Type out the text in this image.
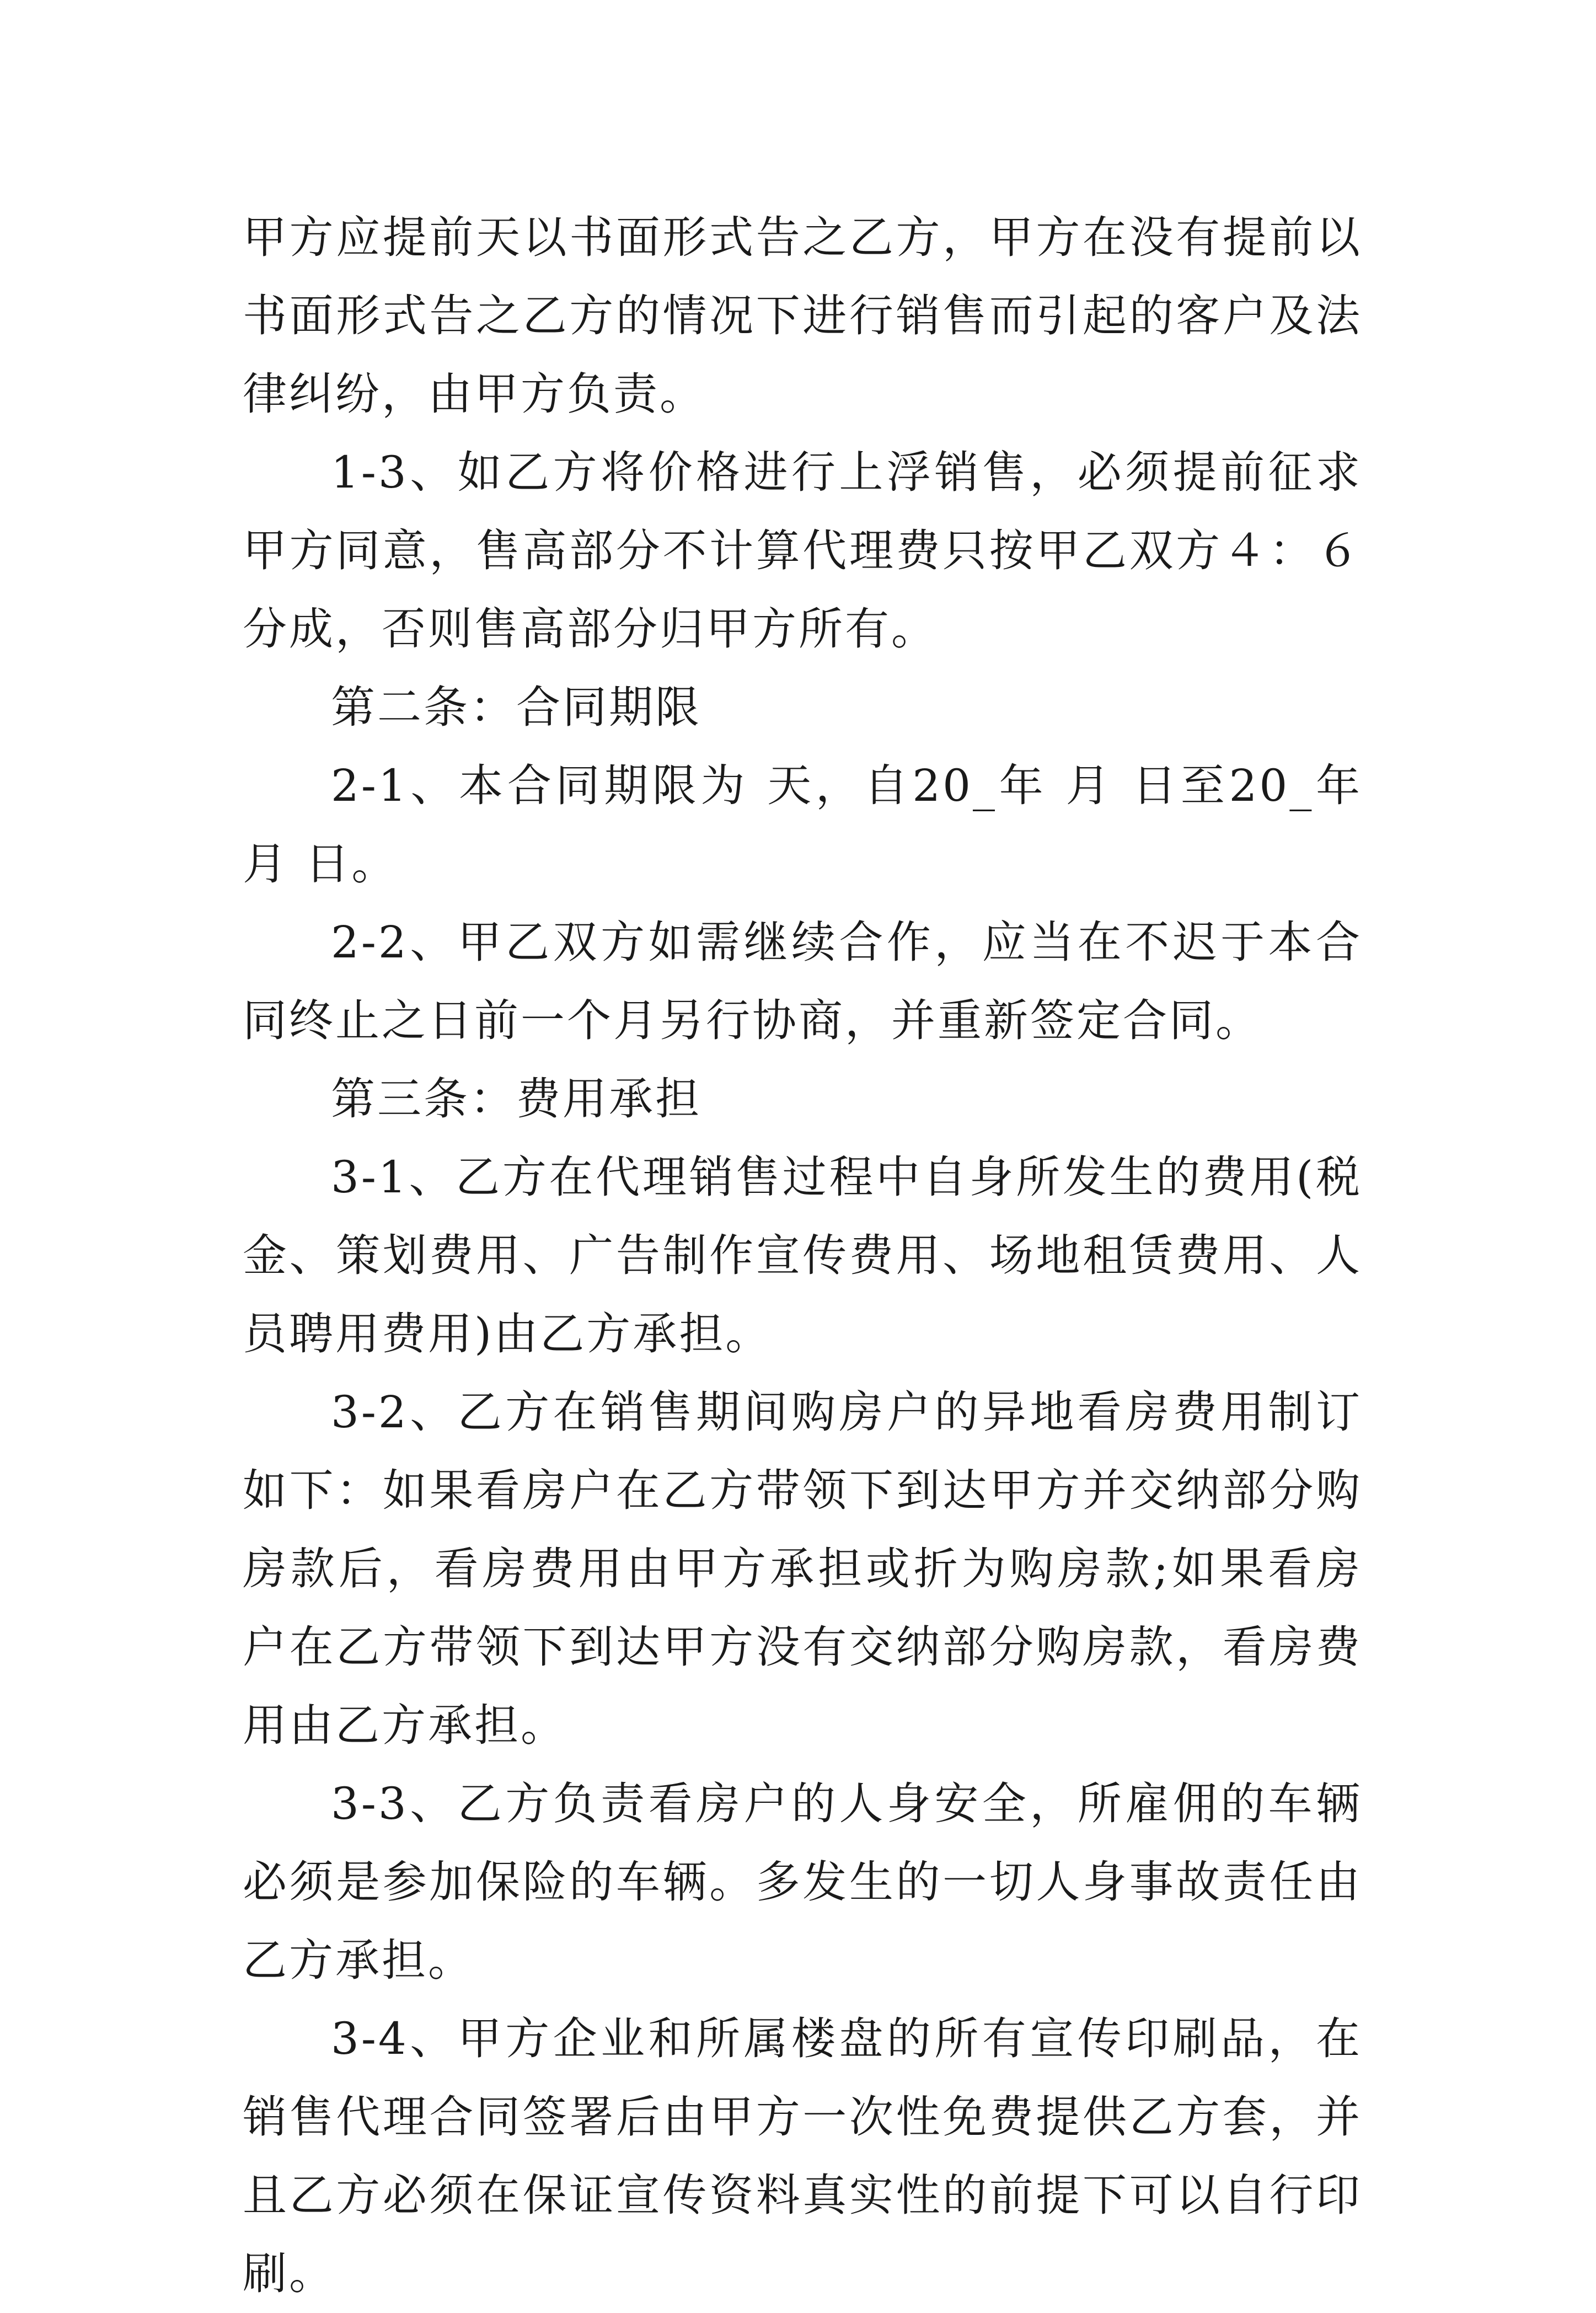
甲方应提前天以书面形式告之乙方，甲方在没有提前以书面形式告之乙方的情况下进行销售而引起的客户及法律纠纷，由甲方负责。

1-3、如乙方将价格进行上浮销售，必须提前征求甲方同意，售高部分不计算代理费只按甲乙双方４：６分成，否则售高部分归甲方所有。

第二条：合同期限

2-1、本合同期限为 天，自20_年 月 日至20_年 月 日。

2-2、甲乙双方如需继续合作，应当在不迟于本合同终止之日前一个月另行协商，并重新签定合同。

第三条：费用承担

3-1、乙方在代理销售过程中自身所发生的费用(税金、策划费用、广告制作宣传费用、场地租赁费用、人员聘用费用)由乙方承担。

3-2、乙方在销售期间购房户的异地看房费用制订如下：如果看房户在乙方带领下到达甲方并交纳部分购房款后，看房费用由甲方承担或折为购房款;如果看房户在乙方带领下到达甲方没有交纳部分购房款，看房费用由乙方承担。

3-3、乙方负责看房户的人身安全，所雇佣的车辆必须是参加保险的车辆。多发生的一切人身事故责任由乙方承担。

3-4、甲方企业和所属楼盘的所有宣传印刷品，在销售代理合同签署后由甲方一次性免费提供乙方套，并且乙方必须在保证宣传资料真实性的前提下可以自行印刷。
